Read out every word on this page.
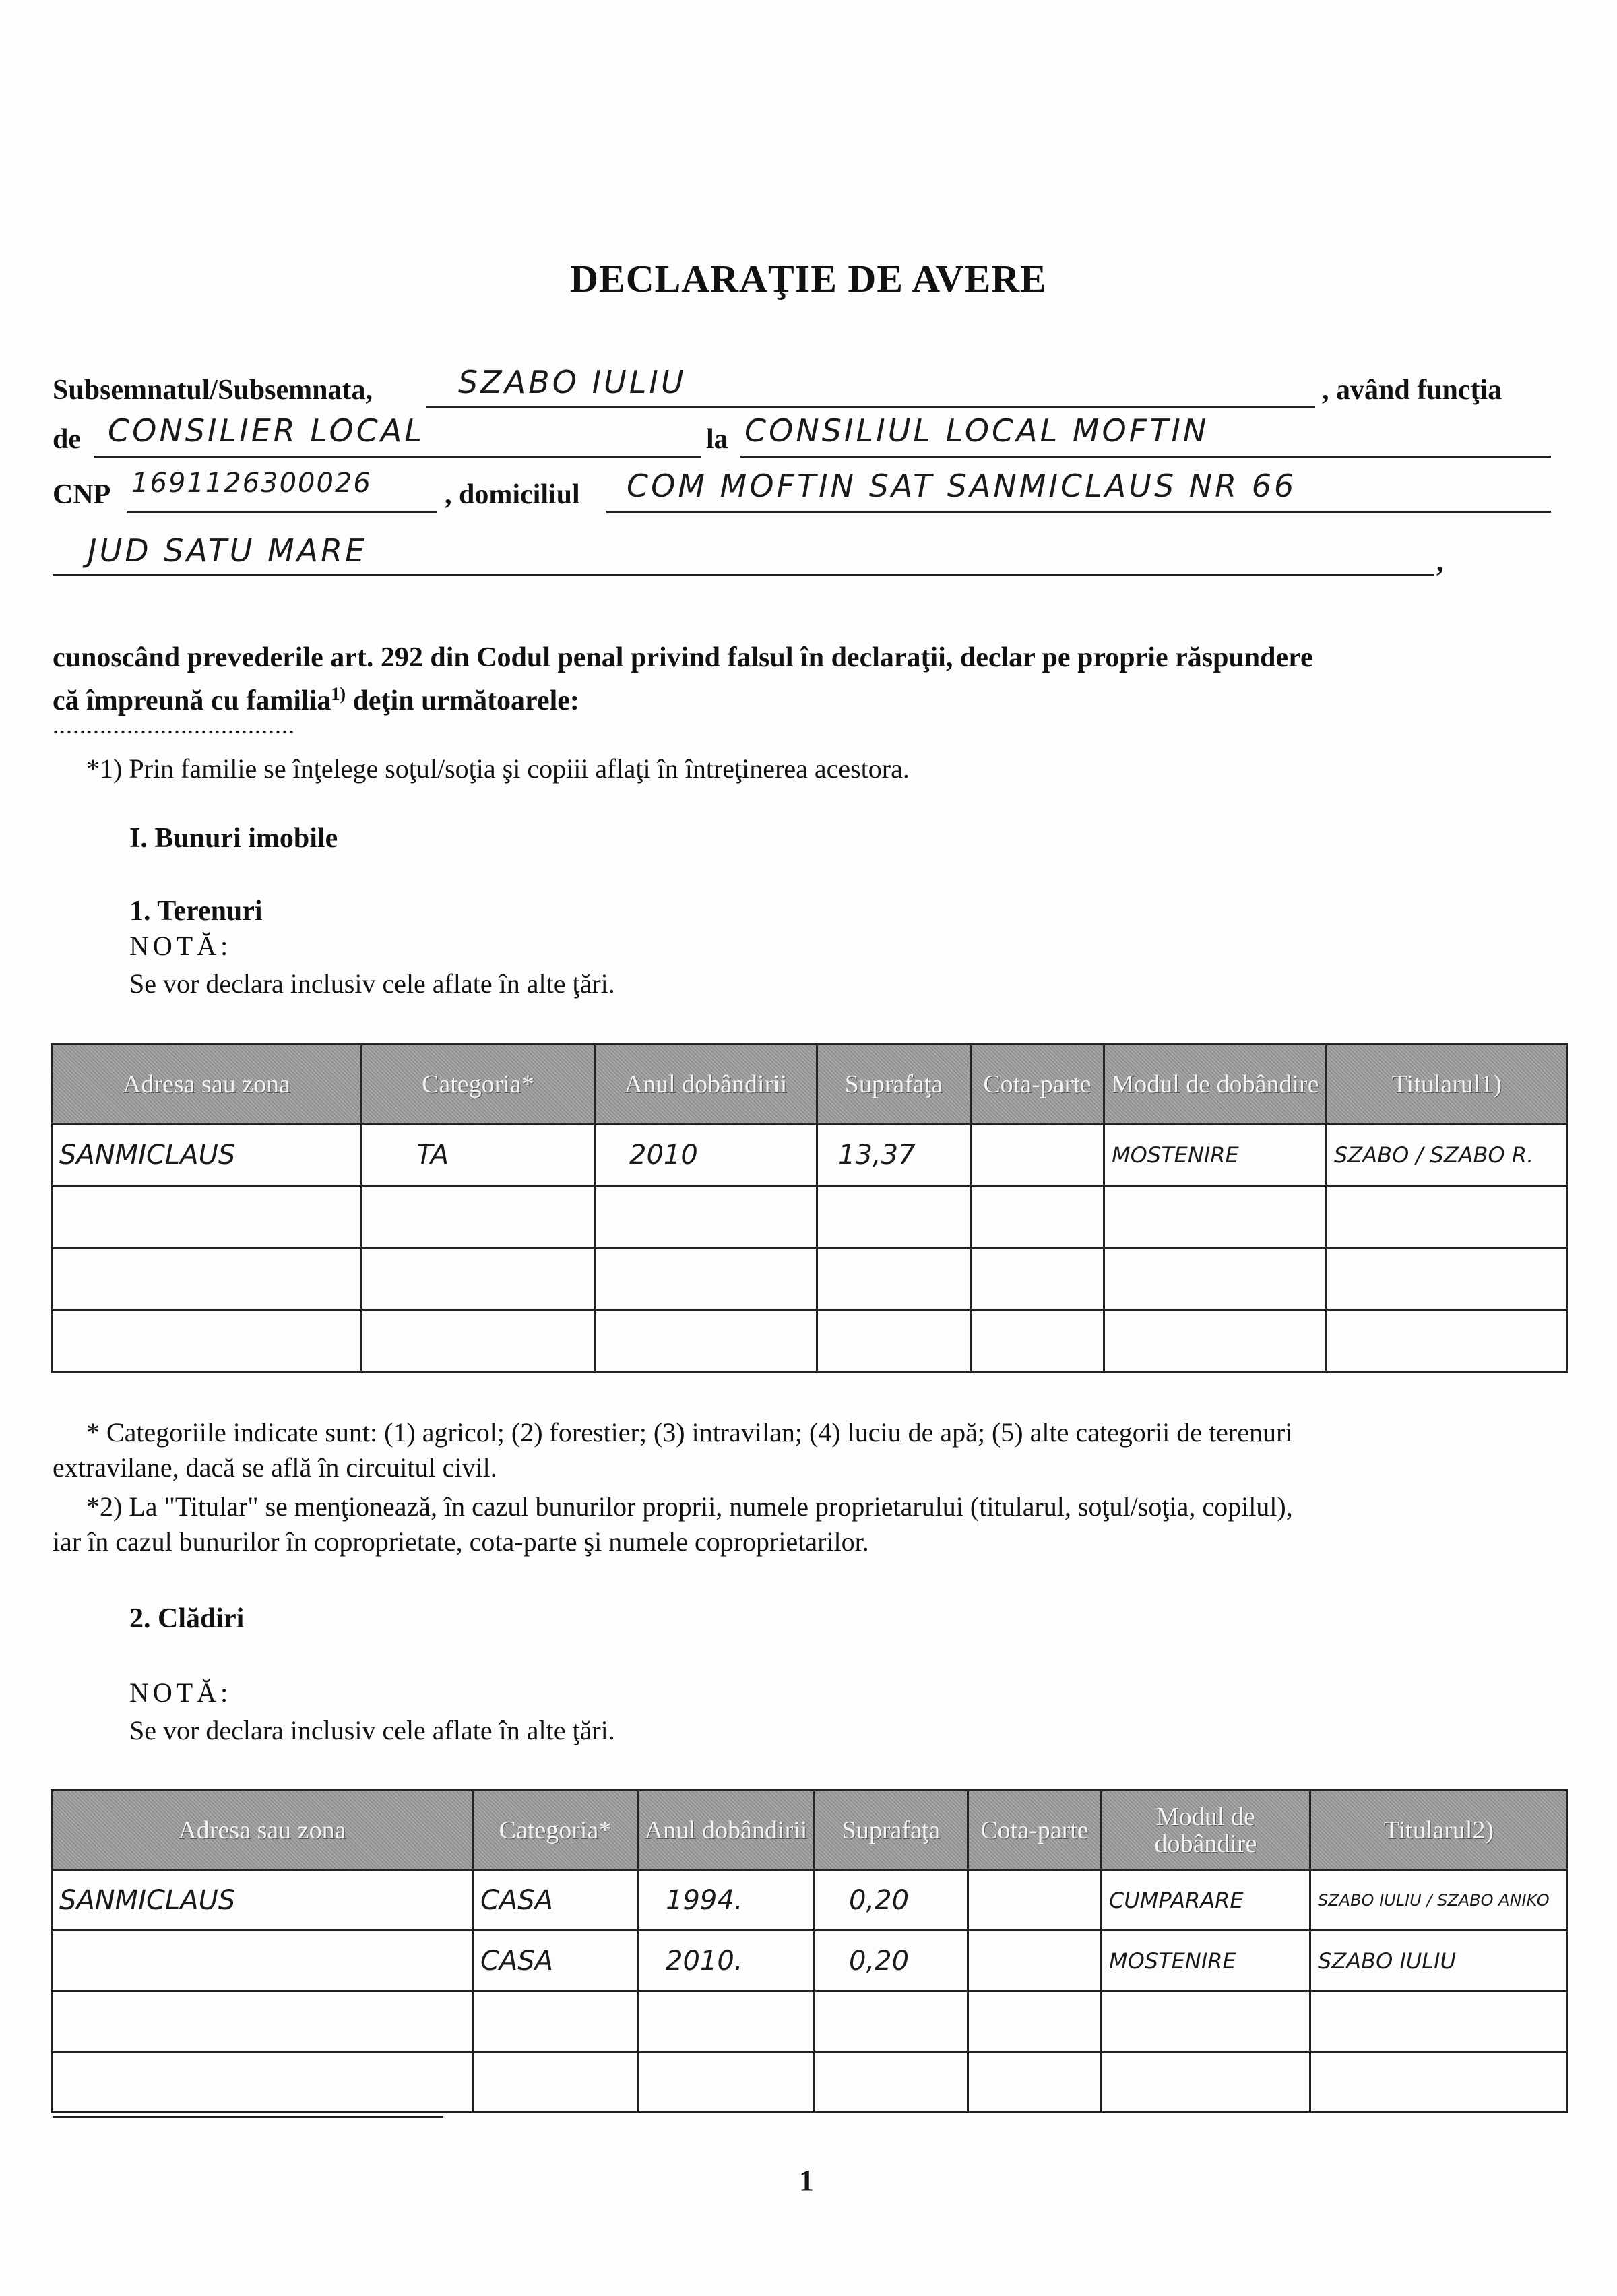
DECLARAŢIE DE AVERE
Subsemnatul/Subsemnata,	SZABO IULIU	, având funcţia
de CONSILIER LOCAL	la CONSILIUL LOCAL MOFTIN
CNP 1691126300026	, domiciliul COM MOFTIN SAT SANMICLAUS NR 66
JUD SATU MARE	,
cunoscând prevederile art. 292 din Codul penal privind falsul în declaraţii, declar pe proprie răspundere
că împreună cu familia$^{1)}$ deţin următoarele:
....................................
*1) Prin familie se înţelege soţul/soţia şi copiii aflaţi în întreţinerea acestora.
I. Bunuri imobile
1. Terenuri
NOTĂ:
Se vor declara inclusiv cele aflate în alte ţări.
Adresa sau zona	Categoria*	Anul dobândirii	Suprafaţa	Cota-parte	Modul de dobândire	Titularul1)
SANMICLAUS	TA	2010	13,37		MOSTENIRE	SZABO / SZABO R.

* Categoriile indicate sunt: (1) agricol; (2) forestier; (3) intravilan; (4) luciu de apă; (5) alte categorii de terenuri
extravilane, dacă se află în circuitul civil.
*2) La "Titular" se menţionează, în cazul bunurilor proprii, numele proprietarului (titularul, soţul/soţia, copilul),
iar în cazul bunurilor în coproprietate, cota-parte şi numele coproprietarilor.
2. Clădiri
NOTĂ:
Se vor declara inclusiv cele aflate în alte ţări.
Adresa sau zona	Categoria*	Anul dobândirii	Suprafaţa	Cota-parte	Modul de dobândire	Titularul2)
SANMICLAUS	CASA	1994.	0,20		CUMPARARE	SZABO IULIU / SZABO ANIKO
	CASA	2010.	0,20		MOSTENIRE	SZABO IULIU

1
